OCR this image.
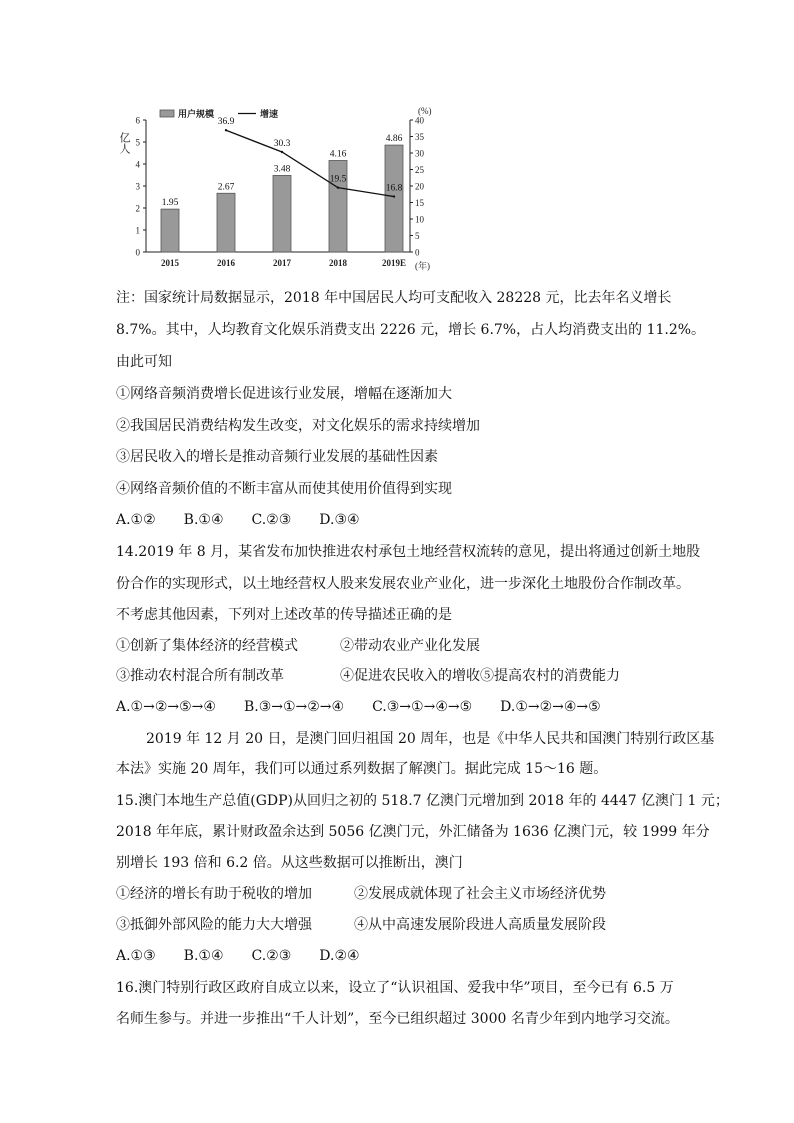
0
1
2
3
4
5
6
0
5
10
15
20
25
30
35
40
亿人
(%)
(年)
1.95
2.67
3.48
4.16
4.86
2015	2016	2017	2018	2019E
36.9
30.3
19.5
16.8
用户规模	增速
注：国家统计局数据显示，2018 年中国居民人均可支配收入 28228 元，比去年名义增长
8.7%。其中，人均教育文化娱乐消费支出 2226 元，增长 6.7%，占人均消费支出的 11.2%。
由此可知
①网络音频消费增长促进该行业发展，增幅在逐渐加大
②我国居民消费结构发生改变，对文化娱乐的需求持续增加
③居民收入的增长是推动音频行业发展的基础性因素
④网络音频价值的不断丰富从而使其使用价值得到实现
A.①②　　B.①④　　C.②③　　D.③④
14.2019 年 8 月，某省发布加快推进农村承包土地经营权流转的意见，提出将通过创新土地股
份合作的实现形式，以土地经营权人股来发展农业产业化，进一步深化土地股份合作制改革。
不考虑其他因素，下列对上述改革的传导描述正确的是
①创新了集体经济的经营模式　　　②带动农业产业化发展
③推动农村混合所有制改革　　　　④促进农民收入的增收⑤提高农村的消费能力
A.①→②→⑤→④　　B.③→①→②→④　　C.③→①→④→⑤　　D.①→②→④→⑤
2019 年 12 月 20 日，是澳门回归祖国 20 周年，也是《中华人民共和国澳门特别行政区基
本法》实施 20 周年，我们可以通过系列数据了解澳门。据此完成 15～16 题。
15.澳门本地生产总值(GDP)从回归之初的 518.7 亿澳门元增加到 2018 年的 4447 亿澳门 1 元；
2018 年年底，累计财政盈余达到 5056 亿澳门元，外汇储备为 1636 亿澳门元，较 1999 年分
别增长 193 倍和 6.2 倍。从这些数据可以推断出，澳门
①经济的增长有助于税收的增加　　　②发展成就体现了社会主义市场经济优势
③抵御外部风险的能力大大增强　　　④从中高速发展阶段进人高质量发展阶段
A.①③　　B.①④　　C.②③　　D.②④
16.澳门特别行政区政府自成立以来，设立了“认识祖国、爱我中华”项目，至今已有 6.5 万
名师生参与。并进一步推出“千人计划”，至今已组织超过 3000 名青少年到内地学习交流。
